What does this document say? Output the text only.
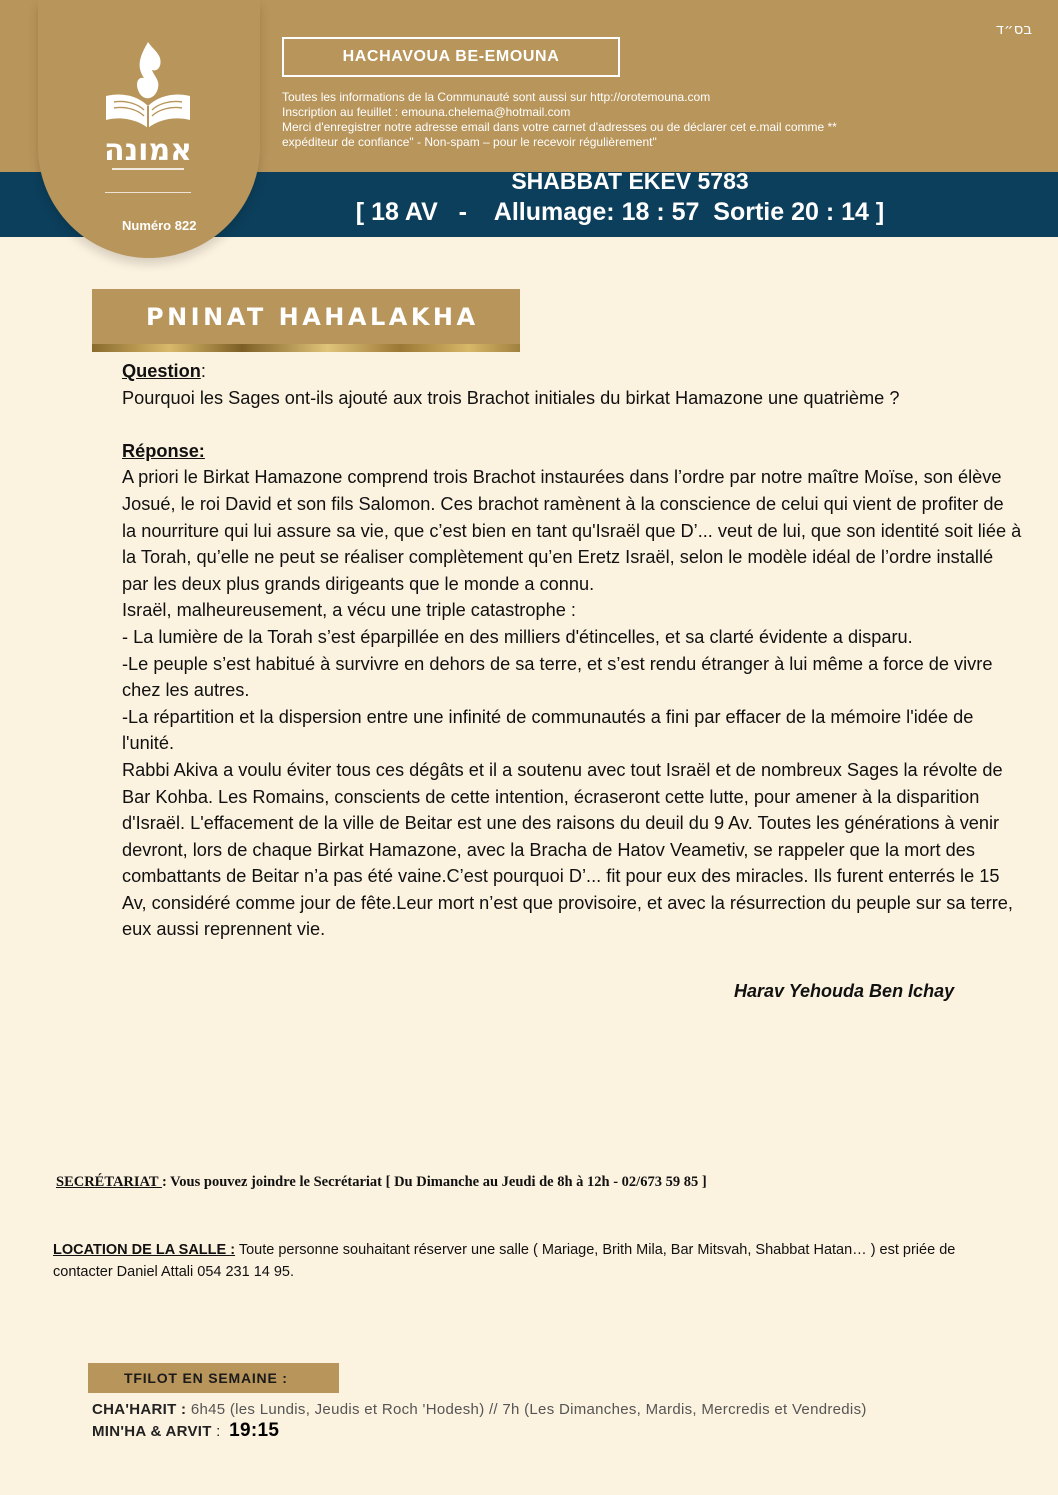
אמונה
Numéro 822
בס״ד
HACHAVOUA BE-EMOUNA
Toutes les informations de la Communauté sont aussi sur http://orotemouna.com
Inscription au feuillet : emouna.chelema@hotmail.com
Merci d'enregistrer notre adresse email dans votre carnet d'adresses ou de déclarer cet e.mail comme **
expéditeur de confiance" - Non-spam – pour le recevoir régulièrement"
SHABBAT EKEV 5783
[ 18 AV   -    Allumage: 18 : 57  Sortie 20 : 14 ]
PNINAT HAHALAKHA

Question:

Pourquoi les Sages ont-ils ajouté aux trois Brachot initiales du birkat Hamazone une quatrième ?

Réponse:

A priori le Birkat Hamazone comprend trois Brachot instaurées dans l’ordre par notre maître Moïse, son élève Josué, le roi David et son fils Salomon. Ces brachot ramènent à la conscience de celui qui vient de profiter de la nourriture qui lui assure sa vie, que c’est bien en tant qu'Israël que D’... veut de lui, que son identité soit liée à la Torah, qu’elle ne peut se réaliser complètement qu’en Eretz Israël, selon le modèle idéal de l’ordre installé par les deux plus grands dirigeants que le monde a connu.

Israël, malheureusement, a vécu une triple catastrophe :

- La lumière de la Torah s’est éparpillée en des milliers d'étincelles, et sa clarté évidente a disparu.

-Le peuple s’est habitué à survivre en dehors de sa terre, et s’est rendu étranger à lui même a force de vivre chez les autres.

-La répartition et la dispersion entre une infinité de communautés a fini par effacer de la mémoire l'idée de l'unité.

Rabbi Akiva a voulu éviter tous ces dégâts et il a soutenu avec tout Israël et de nombreux Sages la révolte de Bar Kohba. Les Romains, conscients de cette intention, écraseront cette lutte, pour amener à la disparition d'Israël. L'effacement de la ville de Beitar est une des raisons du deuil du 9 Av. Toutes les générations à venir devront, lors de chaque Birkat Hamazone, avec la Bracha de Hatov Veametiv, se rappeler que la mort des combattants de Beitar n’a pas été vaine.C’est pourquoi D’... fit pour eux des miracles. Ils furent enterrés le 15 Av, considéré comme jour de fête.Leur mort n’est que provisoire, et avec la résurrection du peuple sur sa terre, eux aussi reprennent vie.

Harav Yehouda Ben Ichay
SECRÉTARIAT : Vous pouvez joindre le Secrétariat [ Du Dimanche au Jeudi de 8h à 12h - 02/673 59 85 ]
LOCATION DE LA SALLE : Toute personne souhaitant réserver une salle ( Mariage, Brith Mila, Bar Mitsvah, Shabbat Hatan… ) est priée de contacter Daniel Attali 054 231 14 95.
TFILOT EN SEMAINE :
CHA'HARIT : 6h45 (les Lundis, Jeudis et Roch 'Hodesh) // 7h (Les Dimanches, Mardis, Mercredis et Vendredis)
MIN'HA & ARVIT : 19:15
